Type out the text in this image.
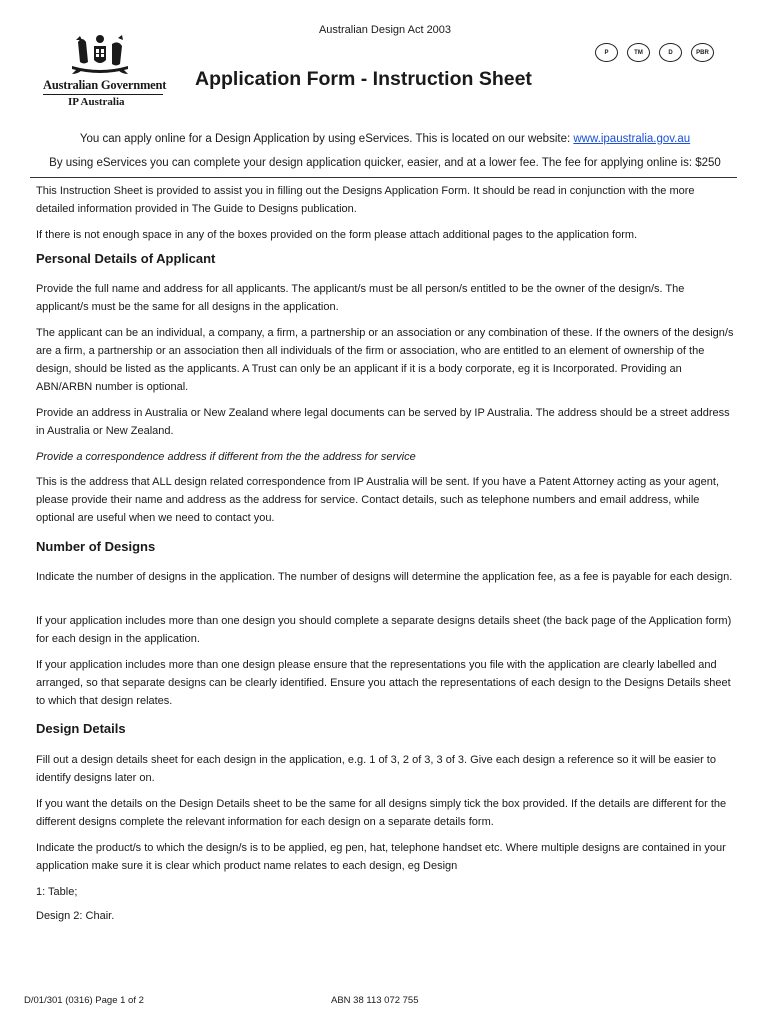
Australian Design Act 2003
Australian Government
IP Australia
P	TM	D	PBR
Application Form - Instruction Sheet
You can apply online for a Design Application by using eServices. This is located on our website: www.ipaustralia.gov.au
By using eServices you can complete your design application quicker, easier, and at a lower fee. The fee for applying online is: $250
This Instruction Sheet is provided to assist you in filling out the Designs Application Form. It should be read in conjunction with the more detailed information provided in The Guide to Designs publication.
If there is not enough space in any of the boxes provided on the form please attach additional pages to the application form.
Personal Details of Applicant
Provide the full name and address for all applicants. The applicant/s must be all person/s entitled to be the owner of the design/s. The applicant/s must be the same for all designs in the application.
The applicant can be an individual, a company, a firm, a partnership or an association or any combination of these. If the owners of the design/s are a firm, a partnership or an association then all individuals of the firm or association, who are entitled to an element of ownership of the design, should be listed as the applicants. A Trust can only be an applicant if it is a body corporate, eg it is Incorporated. Providing an ABN/ARBN number is optional.
Provide an address in Australia or New Zealand where legal documents can be served by IP Australia. The address should be a street address in Australia or New Zealand.
Provide a correspondence address if different from the the address for service
This is the address that ALL design related correspondence from IP Australia will be sent. If you have a Patent Attorney acting as your agent, please provide their name and address as the address for service. Contact details, such as telephone numbers and email address, while optional are useful when we need to contact you.
Number of Designs
Indicate the number of designs in the application. The number of designs will determine the application fee, as a fee is payable for each design.
If your application includes more than one design you should complete a separate designs details sheet (the back page of the Application form) for each design in the application.
If your application includes more than one design please ensure that the representations you file with the application are clearly labelled and arranged, so that separate designs can be clearly identified. Ensure you attach the representations of each design to the Designs Details sheet to which that design relates.
Design Details
Fill out a design details sheet for each design in the application, e.g. 1 of 3, 2 of 3, 3 of 3. Give each design a reference so it will be easier to identify designs later on.
If you want the details on the Design Details sheet to be the same for all designs simply tick the box provided. If the details are different for the different designs complete the relevant information for each design on a separate details form.
Indicate the product/s to which the design/s is to be applied, eg pen, hat, telephone handset etc. Where multiple designs are contained in your application make sure it is clear which product name relates to each design, eg Design
1: Table;
Design 2: Chair.
D/01/301 (0316) Page 1 of 2	ABN 38 113 072 755
